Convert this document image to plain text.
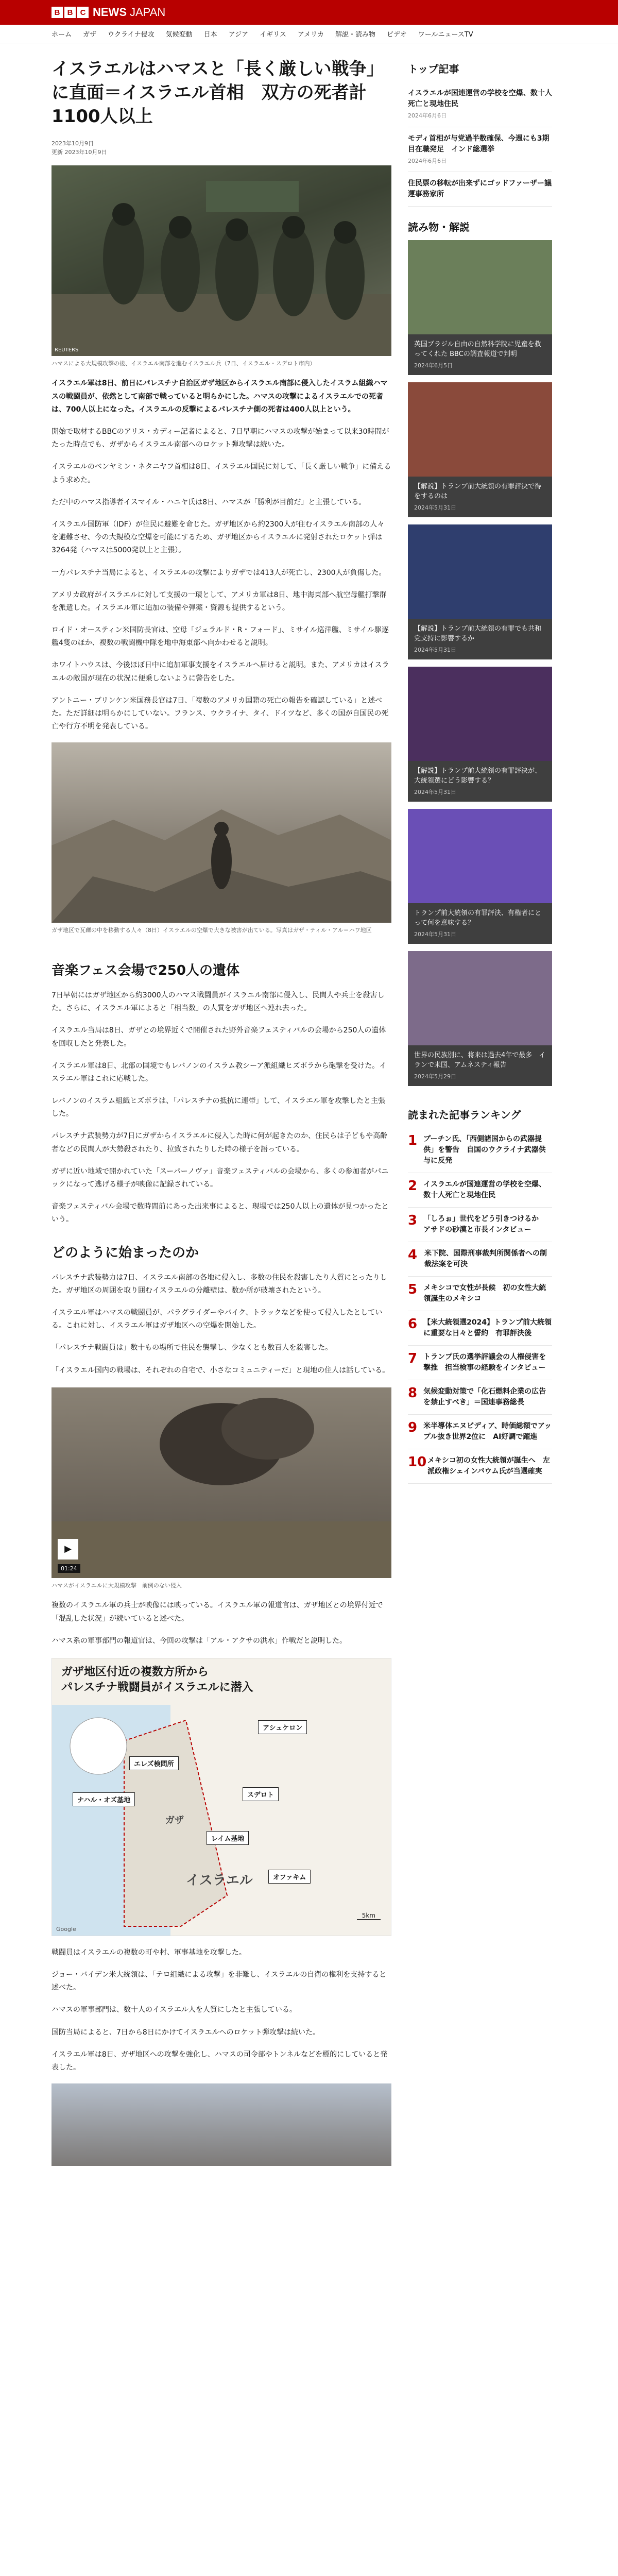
B B C NEWS JAPAN
ホーム ガザ ウクライナ侵攻 気候変動 日本 アジア イギリス アメリカ 解説・読み物 ビデオ ワールニュースTV
イスラエルはハマスと「長く厳しい戦争」に直面＝イスラエル首相　双方の死者計1100人以上
2023年10月9日
更新 2023年10月9日
REUTERS
ハマスによる大規模攻撃の後、イスラエル南部を進むイスラエル兵（7日、イスラエル・スデロト市内）

イスラエル軍は8日、前日にパレスチナ自治区ガザ地区からイスラエル南部に侵入したイスラム組織ハマスの戦闘員が、依然として南部で戦っていると明らかにした。ハマスの攻撃によるイスラエルでの死者は、700人以上になった。イスラエルの反撃によるパレスチナ側の死者は400人以上という。

開始で取材するBBCのアリス・カディー記者によると、7日早朝にハマスの攻撃が始まって以来30時間がたった時点でも、ガザからイスラエル南部へのロケット弾攻撃は続いた。

イスラエルのベンヤミン・ネタニヤフ首相は8日、イスラエル国民に対して、「長く厳しい戦争」に備えるよう求めた。

ただ中のハマス指導者イスマイル・ハニヤ氏は8日、ハマスが「勝利が目前だ」と主張している。

イスラエル国防軍（IDF）が住民に避難を命じた。ガザ地区から約2300人が住むイスラエル南部の人々を避難させ、今の大規模な空爆を可能にするため、ガザ地区からイスラエルに発射されたロケット弾は3264発（ハマスは5000発以上と主張）。

一方パレスチナ当局によると、イスラエルの攻撃によりガザでは413人が死亡し、2300人が負傷した。

アメリカ政府がイスラエルに対して支援の一環として、アメリカ軍は8日、地中海東部へ航空母艦打撃群を派遣した。イスラエル軍に追加の装備や弾薬・資源も提供するという。

ロイド・オースティン米国防長官は、空母「ジェラルド・R・フォード」、ミサイル巡洋艦、ミサイル駆逐艦4隻のほか、複数の戦闘機中隊を地中海東部へ向かわせると説明。

ホワイトハウスは、今後ほぼ日中に追加軍事支援をイスラエルへ届けると説明。また、アメリカはイスラエルの敵国が現在の状況に便乗しないように警告をした。

アントニー・ブリンケン米国務長官は7日、「複数のアメリカ国籍の死亡の報告を確認している」と述べた。ただ詳細は明らかにしていない。フランス、ウクライナ、タイ、ドイツなど、多くの国が自国民の死亡や行方不明を発表している。

ガザ地区で瓦礫の中を移動する人々（8日）イスラエルの空爆で大きな被害が出ている。写真はガザ・ティル・アル＝ハワ地区
音楽フェス会場で250人の遺体

7日早朝にはガザ地区から約3000人のハマス戦闘員がイスラエル南部に侵入し、民間人や兵士を殺害した。さらに、イスラエル軍によると「相当数」の人質をガザ地区へ連れ去った。

イスラエル当局は8日、ガザとの境界近くで開催された野外音楽フェスティバルの会場から250人の遺体を回収したと発表した。

イスラエル軍は8日、北部の国境でもレバノンのイスラム教シーア派組織ヒズボラから砲撃を受けた。イスラエル軍はこれに応戦した。

レバノンのイスラム組織ヒズボラは、「パレスチナの抵抗に連帯」して、イスラエル軍を攻撃したと主張した。

パレスチナ武装勢力が7日にガザからイスラエルに侵入した時に何が起きたのか、住民らは子どもや高齢者などの民間人が大勢殺されたり、拉致されたりした時の様子を語っている。

ガザに近い地域で開かれていた「スーパーノヴァ」音楽フェスティバルの会場から、多くの参加者がパニックになって逃げる様子が映像に記録されている。

音楽フェスティバル会場で数時間前にあった出来事によると、現場では250人以上の遺体が見つかったという。

どのように始まったのか

パレスチナ武装勢力は7日、イスラエル南部の各地に侵入し、多数の住民を殺害したり人質にとったりした。ガザ地区の周囲を取り囲むイスラエルの分離壁は、数か所が破壊されたという。

イスラエル軍はハマスの戦闘員が、パラグライダーやバイク、トラックなどを使って侵入したとしている。これに対し、イスラエル軍はガザ地区への空爆を開始した。

「パレスチナ戦闘員は」数十もの場所で住民を襲撃し、少なくとも数百人を殺害した。

「イスラエル国内の戦場は、それぞれの自宅で、小さなコミュニティーだ」と現地の住人は話している。

▶
01:24
ハマスがイスラエルに大規模攻撃　前例のない侵入

複数のイスラエル軍の兵士が映像には映っている。イスラエル軍の報道官は、ガザ地区との境界付近で「混乱した状況」が続いていると述べた。

ハマス系の軍事部門の報道官は、今回の攻撃は「アル・アクサの洪水」作戦だと説明した。

ガザ地区付近の複数方所から
パレスチナ戦闘員がイスラエルに潜入
アシュケロン
エレズ検問所
ナハル・オズ基地
スデロト
レイム基地
ガザ
イスラエル	オファキム
5km
Google

戦闘員はイスラエルの複数の町や村、軍事基地を攻撃した。

ジョー・バイデン米大統領は、「テロ組織による攻撃」を非難し、イスラエルの自衛の権利を支持すると述べた。

ハマスの軍事部門は、数十人のイスラエル人を人質にしたと主張している。

国防当局によると、7日から8日にかけてイスラエルへのロケット弾攻撃は続いた。

イスラエル軍は8日、ガザ地区への攻撃を強化し、ハマスの司令部やトンネルなどを標的にしていると発表した。

トップ記事
イスラエルが国連運営の学校を空爆、数十人死亡と現地住民
2024年6月6日
モディ首相が与党過半数確保、今週にも3期目在職発足　インド総選挙
2024年6月6日
住民票の移転が出来ずにゴッドファーザー議運事務家所
読み物・解説
英国ブラジル自由の自然科学院に児童を救ってくれた BBCの調査報道で判明
2024年6月5日
【解説】トランプ前大統領の有罪評決で得をするのは
2024年5月31日
【解説】トランプ前大統領の有罪でも共和党支持に影響するか
2024年5月31日
【解説】トランプ前大統領の有罪評決が、大統領選にどう影響する？
2024年5月31日
トランプ前大統領の有罪評決、有権者にとって何を意味する？
2024年5月31日
世界の民族別に、将来は過去4年で最多　イランで米国、アムネスティ報告
2024年5月29日
読まれた記事ランキング
1 プーチン氏、「西側諸国からの武器提供」を警告　自国のウクライナ武器供与に反発
2 イスラエルが国連運営の学校を空爆、数十人死亡と現地住民
3 「しろぉ」世代をどう引きつけるか　アサドの砂漠と市長インタビュー
4 米下院、国際刑事裁判所関係者への制裁法案を可決
5 メキシコで女性が長候　初の女性大統領誕生のメキシコ
6 【米大統領選2024】トランプ前大統領に重要な日々と誓約　有罪評決後
7 トランプ氏の選挙評議会の人権侵害を撃推　担当検事の経験をインタビュー
8 気候変動対策で「化石燃料企業の広告を禁止すべき」＝国連事務総長
9 米半導体エヌビディア、時価総額でアップル抜き世界2位に　AI好調で躍進
10 メキシコ初の女性大統領が誕生へ　左派政権シェインバウム氏が当選確実
